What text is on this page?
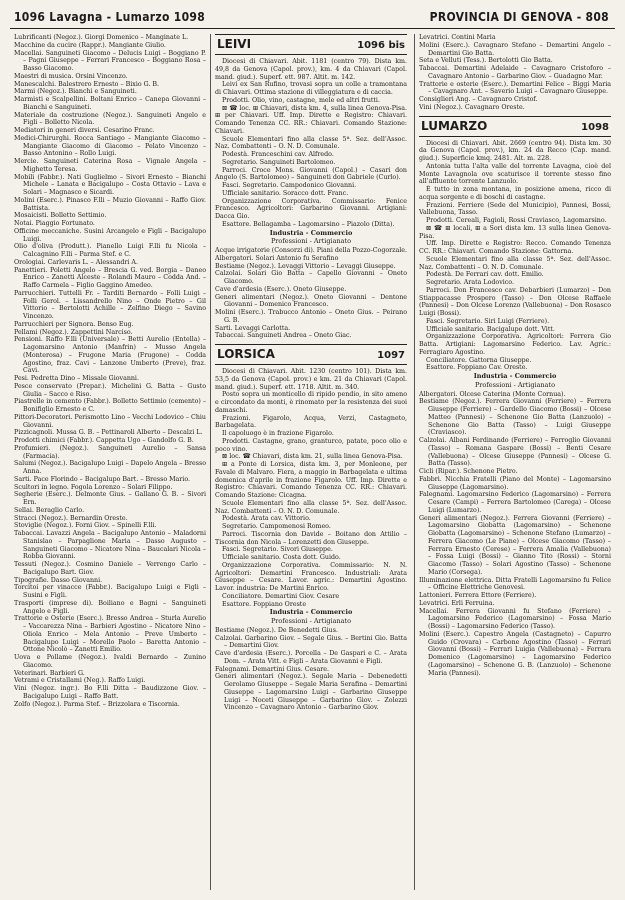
1096 Lavagna - Lumarzo 1098	PROVINCIA DI GENOVA - 808
Lubrificanti (Negoz.). Giorgi Domenico – Manginate L.
Macchine da cucire (Rappr.). Mangiante Giulio.
Macellai. Sanguineti Giacomo – Delucis Luigi – Boggiano P. – Pagni Giuseppe – Ferrari Francesco – Boggiano Rosa – Basso Giacomo.
Maestri di musica. Orsini Vincenzo.
Manescalchi. Balestrero Ernesto – Bixio G. B.
Marmi (Negoz.). Bianchi e Sanguineti.
Marmisti e Scalpellini. Boltani Enrico – Canepa Giovanni – Bianchi e Sanguineti.
Materiale da costruzione (Negoz.). Sanguineti Angelo e Figli – Bolletto Nicola.
Mediatori in generi diversi. Cesarino Franc.
Medici-Chirurghi. Rocca Santiago – Mangiante Giacomo – Mangiante Giacomo di Giacomo – Pelato Vincenzo – Basso Antonino – Rollo Luigi.
Mercie. Sanguineti Caterina Rosa – Vignale Angela – Mighetto Teresa.
Mobili (Fabbr.). Nati Guglielmo – Sivori Ernesto – Bianchi Michele – Lanata e Bacigalupo – Costa Ottavio – Lava e Solari – Magnasco e Sicardi.
Molini (Eserc.). Pinasco F.lli – Muzio Giovanni – Raffo Giov. Battista.
Mosaicisti. Bolletto Settimio.
Notai. Piaggio Fortunato.
Officine meccaniche. Susini Arcangelo e Figli – Bacigalupo Luigi.
Olio d'oliva (Produtt.). Pianello Luigi F.lli fu Nicola – Calcagnino F.lli – Parma Stef. e C.
Orologiai. Carlevaris L. – Alessandri A.
Panettieri. Poletti Angelo – Brescia G. ved. Borgia – Daneo Enrico – Zanetti Alceste – Rolandi Mauro – Codda And. – Raffo Carmela – Figlio Gaggino Amedeo.
Parrucchieri. Tuttelli Fr. – Tarditi Bernardo – Folli Luigi – Folli Gerol. – Lissandrello Nino – Onde Pietro – Gil Vittorio – Bertolotti Achille – Zelfino Diego – Savino Vincenzo.
Parrucchieri per Signora. Benso Eug.
Pellami (Negoz.). Zappettini Narciso.
Pensioni. Raffo F.lli (Universale) – Betti Aurelio (Entella) – Lagomarsino Antonio (Manfrin) – Musso Angela (Monterosa) – Frugone Maria (Frugone) – Codda Agostino, fraz. Cavi – Lanzone Umberto (Preve), fraz. Cavi.
Pesi. Pedretta Dino – Missale Giovanni.
Pesce conservato (Prepar.). Michelini G. Batta – Gusto Giulia – Sacco e Riso.
Piastrelle in cemento (Fabbr.). Bolletto Settimio (cemento) – Bonifiglio Ernesto e C.
Pittori-Decoratori. Perismotto Lino – Vecchi Lodovico – Chiu Giovanni.
Pizzicagnoli. Mussa G. B. – Pettinaroli Alberto – Descalzi L.
Prodotti chimici (Fabbr.). Cappetta Ugo – Gandolfo G. B.
Profumieri. (Negoz.). Sanguineti Aurelio – Sansa (Farmacia).
Salumi (Negoz.). Bacigalupo Luigi – Dapelo Angela – Bresso Anna.
Sarti. Pace Florindo – Bacigalupo Bart. – Bresso Mario.
Scultori in legno. Fogola Lorenzo – Solari Filippo.
Segherie (Eserc.). Delmonte Gius. – Gallano G. B. – Sivori Ern.
Sellai. Beraglio Carlo.
Stracci (Negoz.). Bernardin Oreste.
Stoviglie (Negoz.). Forni Giov. – Spinelli F.lli.
Tabaccai. Lavazzi Angela – Bacigalupo Antonio – Maladorni Stanislao – Parpaglione Maria – Dasso Augusto – Sanguineti Giacomo – Nicatore Nina – Baucalari Nicola – Robba Giovanni.
Tessuti (Negoz.). Cosmino Daniele – Verrengo Carlo – Bacigalupo Bart. Giov.
Tipografie. Dasso Giovanni.
Torcitoi per vinacce (Fabbr.). Bacigalupo Luigi e Figli – Susini e Figli.
Trasporti (imprese di). Boiliano e Bagni – Sanguineti Angelo e Figli.
Trattorie e Osterie (Eserc.). Bresso Andrea – Sturla Aurelio – Vaccarezza Nina – Barbieri Agostino – Nicatore Nino – Oliola Enrico – Mela Antonio – Preve Umberto – Bacigalupo Luigi – Morello Paolo – Baretta Antonio – Ottone Nicolò – Zanetti Emilio.
Uova e Pollame (Negoz.). Ivaldi Bernardo – Zunino Giacomo.
Veterinari. Barbieri G.
Vetrami e Cristallami (Neg.). Raffo Luigi.
Vini (Negoz. ingr.). Bo F.lli Ditta – Baudizzone Giov. – Bacigalupo Luigi – Raffo Batt.
Zolfo (Negoz.). Parma Stef. – Brizzolara e Tiscornia.
LEIVI	1096 bis
Diocesi di Chiavari. Abit. 1181 (centro 79). Dista km. 49,8 da Genova (Capol. prov.), km. 4 da Chiavari (Capol. mand. giud.). Superf. ett. 987. Altit. m. 142.
Leivi ex San Rufino, trovasi sopra un colle a tramontana di Chiavari. Ottima stazione di villeggiatura e di caccia.
Prodotti. Olio, vino, castagne, mele ed altri frutti.
⊠ ☎ loc. ⊞ Chiavari, dista km. 4, sulla linea Genova-Pisa. ⊞ per Chiavari. Uff. Imp. Dirette e Registro: Chiavari. Comando Tenenza CC. RR.: Chiavari. Comando Stazione: Chiavari.
Scuole Elementari fino alla classe 5ª. Sez. dell'Assoc. Naz. Combattenti – O. N. D. Comunale.
Podestà. Franceschini cav. Alfredo.
Segretario. Sanguineti Bartolomeo.
Parroci. Croce Mons. Giovanni (Capol.) – Casari don Angelo (S. Bartolomeo) – Sanguineti don Gabriele (Curlo).
Fasci. Segretario. Campodonico Giovanni.
Ufficiale sanitario. Soracco dott. Franc.
Organizzazione Corporativa. Commissario: Fenice Francesco. Agricoltori: Garbarino Giovanni. Artigiani: Dacca Gio.
Esattore. Bellagamba – Lagomarsino – Piazolo (Ditta).
Industria - Commercio
Professioni - Artigianato
Acque irrigatorie (Consorzi di). Piani della Pozzo-Cogorzale.
Albergatori. Solari Antonio fu Serafino
Bestiame (Negoz.). Levaggi Vittorio – Levaggi Giuseppe.
Calzolai. Solari Gio Batta – Capello Giovanni – Oneto Giacomo.
Cave d'ardesia (Eserc.). Oneto Giuseppe.
Generi alimentari (Negoz.). Oneto Giovanni – Dentone Giovanni – Domenico Francesco.
Molini (Eserc.). Trabucco Antonio – Oneto Gius. – Peirano G. B.
Sarti. Levaggi Carlotta.
Tabaccai. Sanguineti Andrea – Oneto Giac.
LORSICA	1097
Diocesi di Chiavari. Abit. 1230 (centro 101). Dista km. 53,5 da Genova (Capol. prov.) e km. 21 da Chiavari (Capol. mand. giud.). Superf. ett. 1718. Altit. m. 340.
Posto sopra un monticello di ripido pendio, in sito ameno e circondato da monti, è rinomato per la resistenza dei suoi damaschi.
Frazioni. Figarolo, Acqua, Verzi, Castagneto, Barbagelata.
Il capoluogo è in frazione Figarolo.
Prodotti. Castagne, grano, granturco, patate, poco olio e poco vino.
⊠ loc. ☎ Chiavari, dista km. 21, sulla linea Genova-Pisa.
⊞ a Ponte di Lorsica, dista km. 3, per Monleone, per Favale di Malvaro. Fiera, a maggio in Barbagelata e ultima domenica d'aprile in frazione Figarolo. Uff. Imp. Dirette e Registro: Chiavari. Comando Tenenza CC. RR.: Chiavari. Comando Stazione: Cicagna.
Scuole Elementari fino alla classe 5ª. Sez. dell'Assoc. Naz. Combattenti – O. N. D. Comunale.
Podestà. Arata cav. Vittorio.
Segretario. Campomenosi Romeo.
Parroci. Tiscornia don Davide – Boitano don Attilio – Tiscornia don Nicola – Lorenzetti don Giuseppe.
Fasci. Segretario. Sivori Giuseppe.
Ufficiale sanitario. Costa dott. Guido.
Organizzazione Corporativa. Commissario: N. N. Agricoltori: Demartini Francesco. Industriali: Arata Giuseppe – Cesare. Lavor. agric.: Demartini Agostino. Lavor. industria: De Martini Enrico.
Conciliatore. Demartini Giov. Cesare
Esattore. Foppiano Oreste
Industria - Commercio
Professioni - Artigianato
Bestiame (Negoz.). De Benedetti Gius.
Calzolai. Garbarino Giov. – Segale Gius. – Bertini Gio. Batta – Demartini Giov.
Cave d'ardesia (Eserc.). Porcella – De Gaspari e C. – Arata Dom. – Arata Vitt. e Figli – Arata Giovanni e Figli.
Falegnami. Demartini Gius. Cesare.
Generi alimentari (Negoz.). Segale Maria – Debenedetti Gerolamo Giuseppe – Segale Maria Serafina – Demartini Giuseppe – Lagomarsino Luigi – Garbarino Giuseppe Luigi – Noceti Giuseppe – Garbarino Giov. – Zolezzi Vincenzo – Cavagnaro Antonio – Garbarino Giov.
Levatrici. Contini Maria
Molini (Eserc.). Cavagnaro Stefano – Demartini Angelo – Demartini Gio Batta.
Seta e Velluti (Tess.). Bertolotti Gio Batta.
Tabaccai. Demartini Adelaide – Cavagnaro Cristoforo – Cavagnaro Antonio – Garbarino Giov. – Guadagno Mar.
Trattorie e osterie (Eserc.). Demartini Felice – Biggi Maria – Cavagnaro Ant. – Saverio Luigi – Cavagnaro Giuseppe.
Consiglieri Ang. – Cavagnaro Cristof.
Vini (Negoz.). Cavagnaro Oreste.
LUMARZO	1098
Diocesi di Chiavari. Abit. 2669 (centro 94). Dista km. 30 da Genova (Capol. prov.), km. 24 da Recco (Cap. mand. giud.). Superficie kmq. 2481. Alt. m. 228.
Antonia tutta l'alta valle del torrente Lavagna, cioè del Monte Lavagnola ove scaturisce il torrente stesso fino all'affluente torrente Lanzuolo.
È tutto in zona montana, in posizione amena, ricco di acqua sorgente e di boschi di castagne.
Frazioni. Ferriere (Sede del Municipio), Pannesi, Bossi, Vallebuona, Tasso.
Prodotti. Cereali, Fagioli, Rossi Craviasco, Lagomarsino.
⊠ ☎ ⊞ locali, ⊞ a Sori dista km. 13 sulla linea Genova-Pisa.
Uff. Imp. Dirette e Registro: Recco. Comando Tenenza CC. RR.: Chiavari. Comando Stazione: Gattorna.
Scuole Elementari fino alla classe 5ª. Sez. dell'Assoc. Naz. Combattenti – O. N. D. Comunale.
Podestà. De Ferrari cav. dott. Emilio.
Segretario. Arata Lodovico.
Parroci. Don Francesco cav. Debarbieri (Lumarzo) – Don Stiappacasse Prospero (Tasso) – Don Olcese Raffaele (Pannesi) – Don Olcese Lorenzo (Vallebuona) – Don Rosasco Luigi (Bossi).
Fasci. Segretario. Siri Luigi (Ferriere).
Ufficiale sanitario. Bacigalupo dott. Vitt.
Organizzazione Corporativa. Agricoltori: Ferrera Gio Batta. Artigiani: Lagomarsino Federico. Lav. Agric.: Ferragiaro Agostino.
Conciliatore. Gattorna Giuseppe.
Esattore. Foppiano Cav. Oreste.
Industria - Commercio
Professioni - Artigianato
Albergatori. Olcese Caterina (Monte Cornua).
Bestiame (Negoz.). Ferrera Giovanni (Ferriere) – Ferrera Giuseppe (Ferriere) – Gardello Giacomo (Bossi) – Olcese Matteo (Pannesi) – Schenone Gio Batta (Lanzuolo) – Schenone Gio Batta (Tasso) – Luigi Giuseppe (Craviasco).
Calzolai. Albani Ferdinando (Ferriere) – Ferroglio Giovanni (Tasso) – Romana Gaspare (Bossi) – Benti Cesare (Vallebuona) – Olcese Giuseppe (Pannesi) – Olcese G. Batta (Tasso).
Cicli (Ripar.). Schenone Pietro.
Fabbri. Nicchia Fratelli (Piano del Monte) – Lagomarsino Giuseppe (Lagomarsino).
Falegnami. Lagomarsino Federico (Lagomarsino) – Ferrera Cesare (Campi) – Ferrera Bartolomeo (Carega) – Olcese Luigi (Lumarzo).
Generi alimentari (Negoz.). Ferrera Giovanni (Ferriere) – Lagomarsino Giobatta (Lagomarsino) – Schenone Giobatta (Lagomarsino) – Schenone Stefano (Lumarzo) – Ferrera Giacomo (Le Piane) – Olcese Giacomo (Tasso) – Ferrara Ernesto (Cerese) – Ferrera Amalia (Vallebuona) – Fossa Luigi (Bossi) – Gianno Tito (Rossi) – Storni Giacomo (Tasso) – Solari Agostino (Tasso) – Schenone Mario (Corsega).
Illuminazione elettrica. Ditta Fratelli Lagomarsino fu Felice – Officine Elettriche Genovesi.
Lattonieri. Ferrera Ettore (Ferriere).
Levatrici. Erli Ferruina.
Macellai. Ferrera Giovanni fu Stefano (Ferriere) – Lagomarsino Federico (Lagomarsino) – Fossa Mario (Bossi) – Lagomarsino Federico (Tasso).
Molini (Eserc.). Capestro Angela (Castagneto) – Capurro Guido (Crovara) – Carbone Agostino (Tasso) – Ferrari Giovanni (Bossi) – Ferrari Luigia (Vallebuona) – Ferrara Domenico (Lagomarsino) – Lagomarsino Federico (Lagomarsino) – Schenone G. B. (Lanzuolo) – Schenone Maria (Pannesi).
